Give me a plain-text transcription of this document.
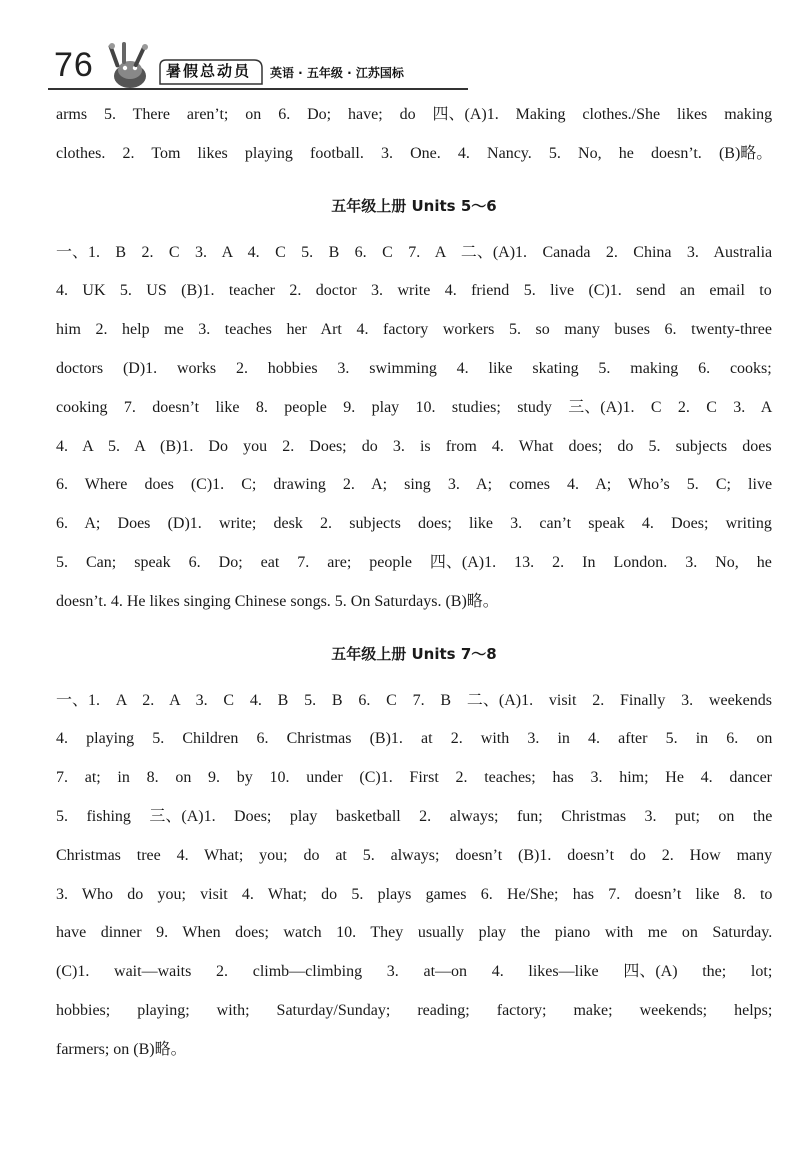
76	暑假总动员 英语 · 五年级 · 江苏国标
arms 5. There aren’t; on 6. Do; have; do 四、(A)1. Making clothes./She likes making
clothes. 2. Tom likes playing football. 3. One. 4. Nancy. 5. No, he doesn’t. (B)略。
五年级上册 Units 5～6
一、1. B 2. C 3. A 4. C 5. B 6. C 7. A 二、(A)1. Canada 2. China 3. Australia
4. UK 5. US (B)1. teacher 2. doctor 3. write 4. friend 5. live (C)1. send an email to
him 2. help me 3. teaches her Art 4. factory workers 5. so many buses 6. twenty-three
doctors (D)1. works 2. hobbies 3. swimming 4. like skating 5. making 6. cooks;
cooking 7. doesn’t like 8. people 9. play 10. studies; study 三、(A)1. C 2. C 3. A
4. A 5. A (B)1. Do you 2. Does; do 3. is from 4. What does; do 5. subjects does
6. Where does (C)1. C; drawing 2. A; sing 3. A; comes 4. A; Who’s 5. C; live
6. A; Does (D)1. write; desk 2. subjects does; like 3. can’t speak 4. Does; writing
5. Can; speak 6. Do; eat 7. are; people 四、(A)1. 13. 2. In London. 3. No, he
doesn’t. 4. He likes singing Chinese songs. 5. On Saturdays. (B)略。
五年级上册 Units 7～8
一、1. A 2. A 3. C 4. B 5. B 6. C 7. B 二、(A)1. visit 2. Finally 3. weekends
4. playing 5. Children 6. Christmas (B)1. at 2. with 3. in 4. after 5. in 6. on
7. at; in 8. on 9. by 10. under (C)1. First 2. teaches; has 3. him; He 4. dancer
5. fishing 三、(A)1. Does; play basketball 2. always; fun; Christmas 3. put; on the
Christmas tree 4. What; you; do at 5. always; doesn’t (B)1. doesn’t do 2. How many
3. Who do you; visit 4. What; do 5. plays games 6. He/She; has 7. doesn’t like 8. to
have dinner 9. When does; watch 10. They usually play the piano with me on Saturday.
(C)1. wait—waits 2. climb—climbing 3. at—on 4. likes—like 四、(A) the; lot;
hobbies; playing; with; Saturday/Sunday; reading; factory; make; weekends; helps;
farmers; on (B)略。
